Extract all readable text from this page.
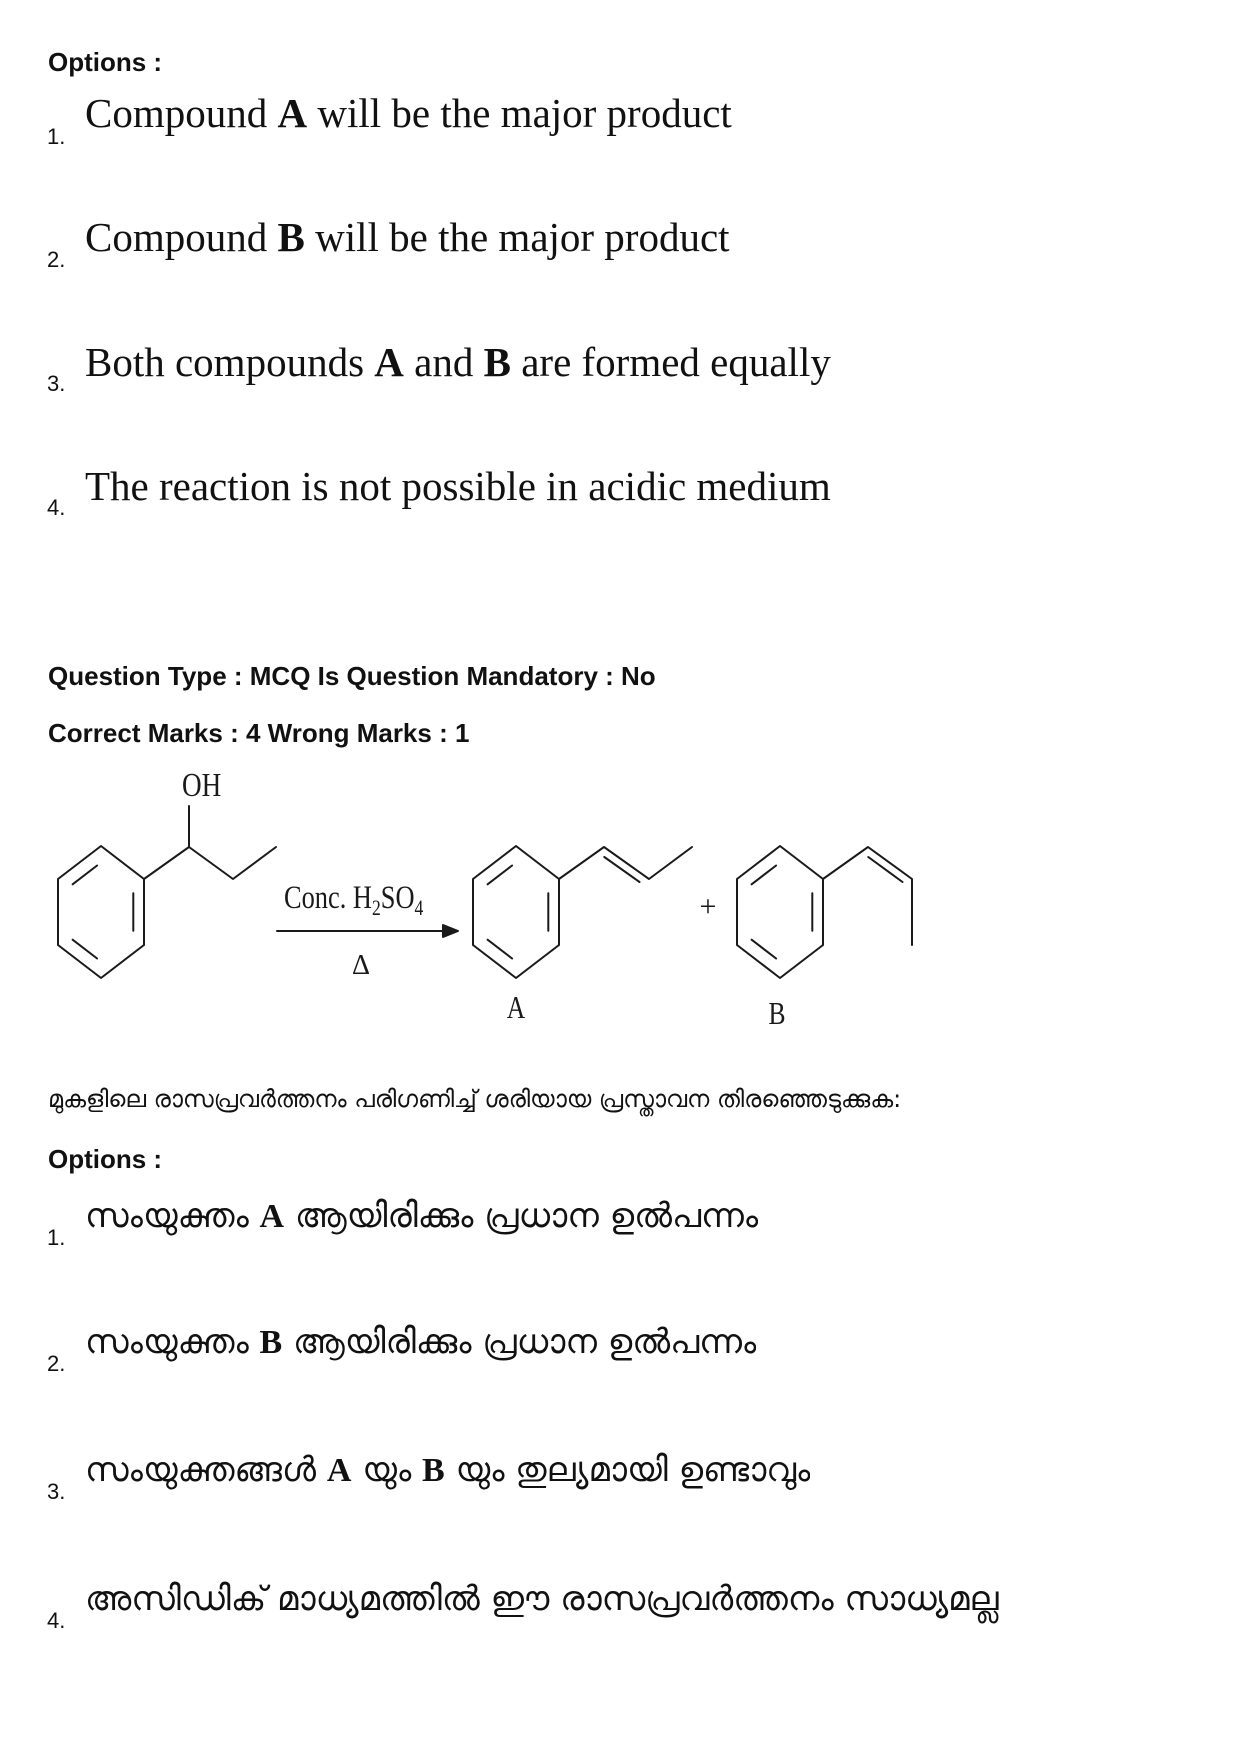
Options :
1.
Compound A will be the major product
2. Compound B will be the major product
3. Both compounds A and B are formed equally
4. The reaction is not possible in acidic medium
Question Type : MCQ Is Question Mandatory : No
Correct Marks : 4 Wrong Marks : 1
OH
Conc. $H_2SO_4$
Δ
+
A	B
മുകളിലെ രാസപ്രവർത്തനം പരിഗണിച്ച് ശരിയായ പ്രസ്താവന തിരഞ്ഞെടുക്കുക:
Options :
1.
സംയുക്തം A ആയിരിക്കും പ്രധാന ഉൽപന്നം
2.
സംയുക്തം B ആയിരിക്കും പ്രധാന ഉൽപന്നം
3.
സംയുക്തങ്ങൾ A യും B യും തുല്യമായി ഉണ്ടാവും
4.
അസിഡിക് മാധ്യമത്തിൽ ഈ രാസപ്രവർത്തനം സാധ്യമല്ല
